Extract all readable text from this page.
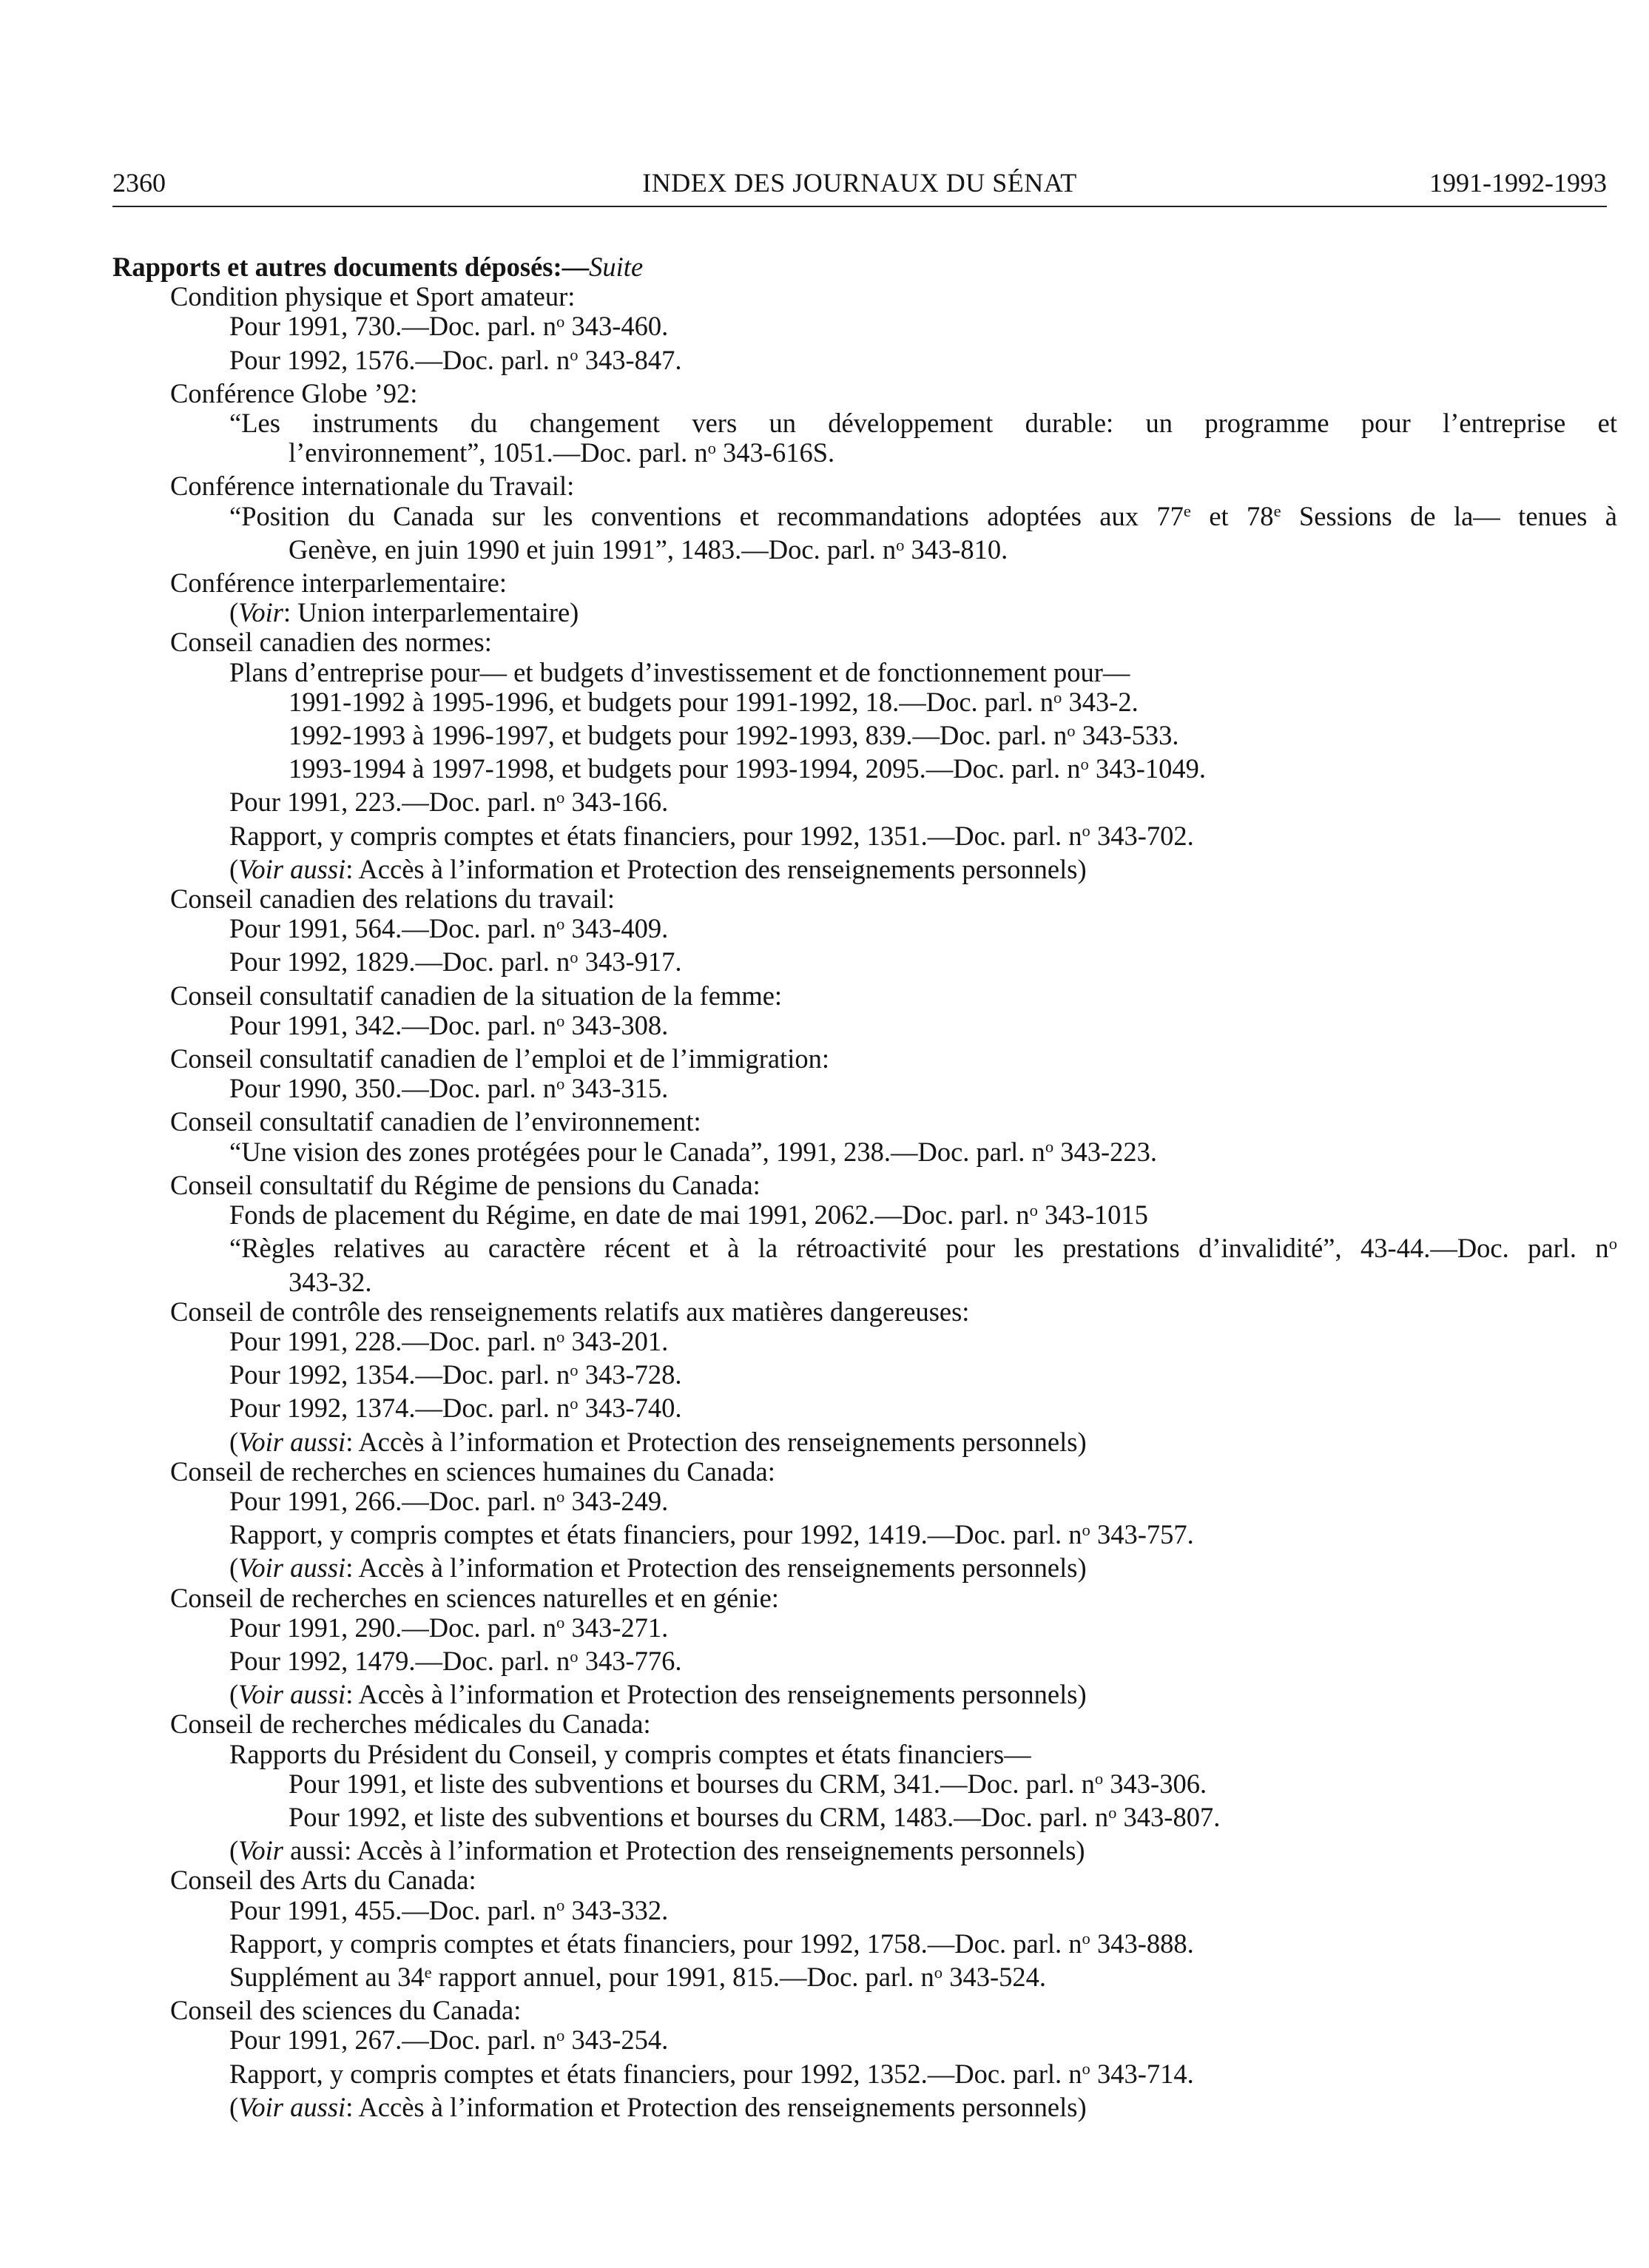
2360	INDEX DES JOURNAUX DU SÉNAT	1991-1992-1993
Rapports et autres documents déposés:—Suite
Condition physique et Sport amateur:
Pour 1991, 730.—Doc. parl. $n^o$ 343-460.
Pour 1992, 1576.—Doc. parl. $n^o$ 343-847.
Conférence Globe ’92:
“Les instruments du changement vers un développement durable: un programme pour l’entreprise et
l’environnement”, 1051.—Doc. parl. $n^o$ 343-616S.
Conférence internationale du Travail:
“Position du Canada sur les conventions et recommandations adoptées aux 77e et 78e Sessions de la— tenues à
Genève, en juin 1990 et juin 1991”, 1483.—Doc. parl. $n^o$ 343-810.
Conférence interparlementaire:
(Voir: Union interparlementaire)
Conseil canadien des normes:
Plans d’entreprise pour— et budgets d’investissement et de fonctionnement pour—
1991-1992 à 1995-1996, et budgets pour 1991-1992, 18.—Doc. parl. $n^o$ 343-2.
1992-1993 à 1996-1997, et budgets pour 1992-1993, 839.—Doc. parl. $n^o$ 343-533.
1993-1994 à 1997-1998, et budgets pour 1993-1994, 2095.—Doc. parl. $n^o$ 343-1049.
Pour 1991, 223.—Doc. parl. $n^o$ 343-166.
Rapport, y compris comptes et états financiers, pour 1992, 1351.—Doc. parl. $n^o$ 343-702.
(Voir aussi: Accès à l’information et Protection des renseignements personnels)
Conseil canadien des relations du travail:
Pour 1991, 564.—Doc. parl. $n^o$ 343-409.
Pour 1992, 1829.—Doc. parl. $n^o$ 343-917.
Conseil consultatif canadien de la situation de la femme:
Pour 1991, 342.—Doc. parl. $n^o$ 343-308.
Conseil consultatif canadien de l’emploi et de l’immigration:
Pour 1990, 350.—Doc. parl. $n^o$ 343-315.
Conseil consultatif canadien de l’environnement:
“Une vision des zones protégées pour le Canada”, 1991, 238.—Doc. parl. $n^o$ 343-223.
Conseil consultatif du Régime de pensions du Canada:
Fonds de placement du Régime, en date de mai 1991, 2062.—Doc. parl. $n^o$ 343-1015
“Règles relatives au caractère récent et à la rétroactivité pour les prestations d’invalidité”, 43-44.—Doc. parl. $n^o$
343-32.
Conseil de contrôle des renseignements relatifs aux matières dangereuses:
Pour 1991, 228.—Doc. parl. $n^o$ 343-201.
Pour 1992, 1354.—Doc. parl. $n^o$ 343-728.
Pour 1992, 1374.—Doc. parl. $n^o$ 343-740.
(Voir aussi: Accès à l’information et Protection des renseignements personnels)
Conseil de recherches en sciences humaines du Canada:
Pour 1991, 266.—Doc. parl. $n^o$ 343-249.
Rapport, y compris comptes et états financiers, pour 1992, 1419.—Doc. parl. $n^o$ 343-757.
(Voir aussi: Accès à l’information et Protection des renseignements personnels)
Conseil de recherches en sciences naturelles et en génie:
Pour 1991, 290.—Doc. parl. $n^o$ 343-271.
Pour 1992, 1479.—Doc. parl. $n^o$ 343-776.
(Voir aussi: Accès à l’information et Protection des renseignements personnels)
Conseil de recherches médicales du Canada:
Rapports du Président du Conseil, y compris comptes et états financiers—
Pour 1991, et liste des subventions et bourses du CRM, 341.—Doc. parl. $n^o$ 343-306.
Pour 1992, et liste des subventions et bourses du CRM, 1483.—Doc. parl. $n^o$ 343-807.
(Voir aussi: Accès à l’information et Protection des renseignements personnels)
Conseil des Arts du Canada:
Pour 1991, 455.—Doc. parl. $n^o$ 343-332.
Rapport, y compris comptes et états financiers, pour 1992, 1758.—Doc. parl. $n^o$ 343-888.
Supplément au 34e rapport annuel, pour 1991, 815.—Doc. parl. $n^o$ 343-524.
Conseil des sciences du Canada:
Pour 1991, 267.—Doc. parl. $n^o$ 343-254.
Rapport, y compris comptes et états financiers, pour 1992, 1352.—Doc. parl. $n^o$ 343-714.
(Voir aussi: Accès à l’information et Protection des renseignements personnels)
